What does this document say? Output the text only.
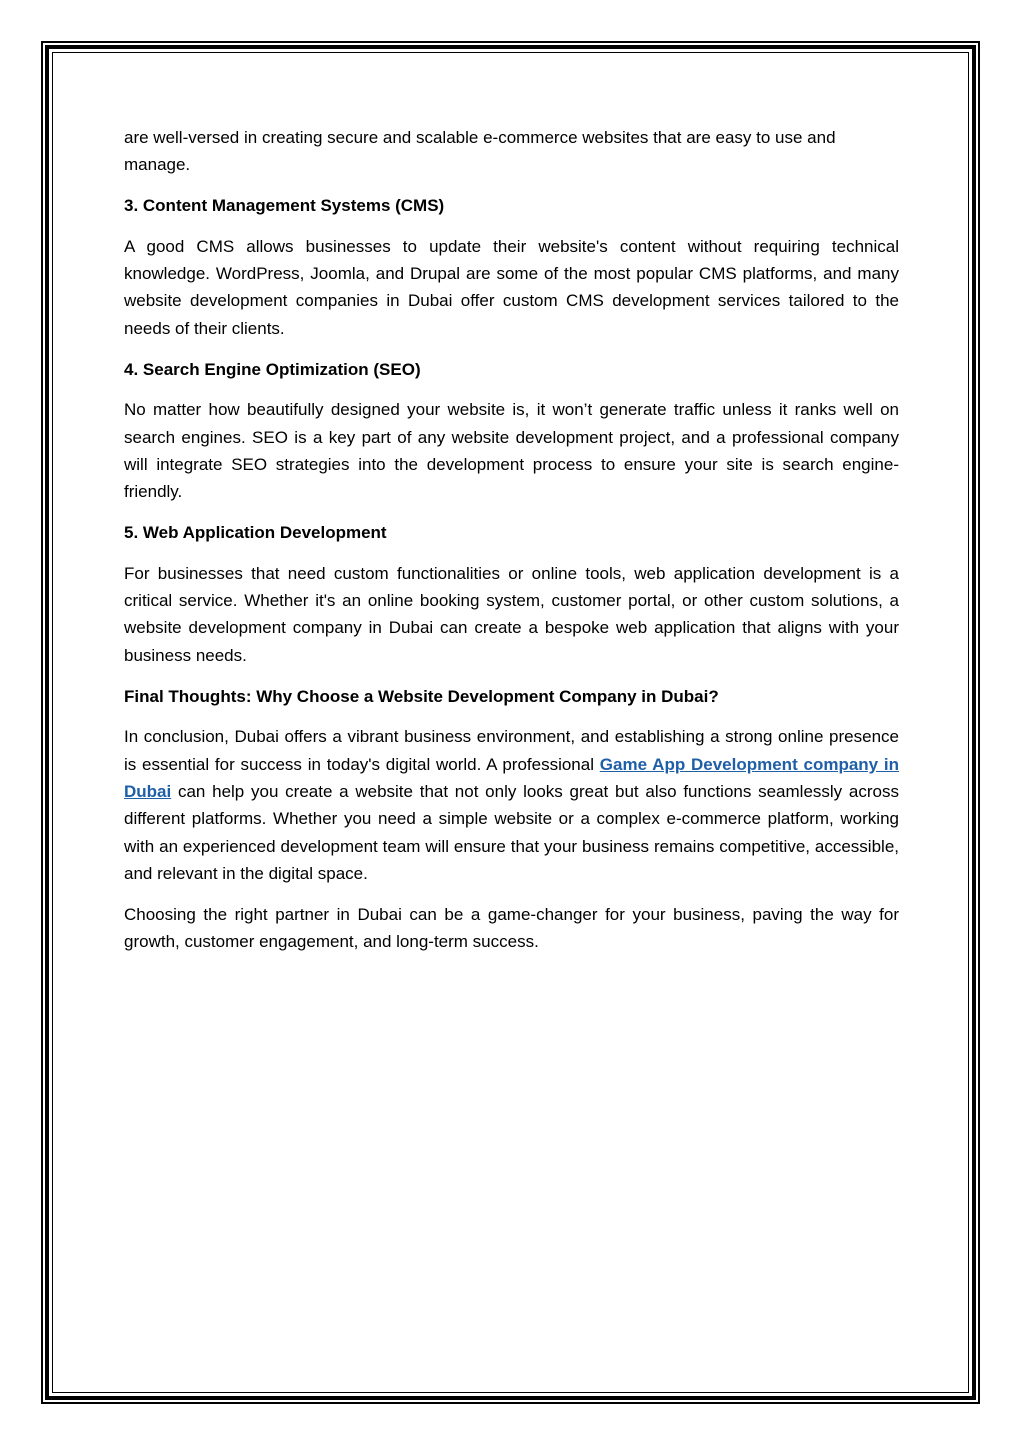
are well-versed in creating secure and scalable e-commerce websites that are easy to use and manage.

3. Content Management Systems (CMS)

A good CMS allows businesses to update their website's content without requiring technical knowledge. WordPress, Joomla, and Drupal are some of the most popular CMS platforms, and many website development companies in Dubai offer custom CMS development services tailored to the needs of their clients.

4. Search Engine Optimization (SEO)

No matter how beautifully designed your website is, it won’t generate traffic unless it ranks well on search engines. SEO is a key part of any website development project, and a professional company will integrate SEO strategies into the development process to ensure your site is search engine-friendly.

5. Web Application Development

For businesses that need custom functionalities or online tools, web application development is a critical service. Whether it's an online booking system, customer portal, or other custom solutions, a website development company in Dubai can create a bespoke web application that aligns with your business needs.

Final Thoughts: Why Choose a Website Development Company in Dubai?

In conclusion, Dubai offers a vibrant business environment, and establishing a strong online presence is essential for success in today's digital world. A professional Game App Development company in Dubai can help you create a website that not only looks great but also functions seamlessly across different platforms. Whether you need a simple website or a complex e-commerce platform, working with an experienced development team will ensure that your business remains competitive, accessible, and relevant in the digital space.

Choosing the right partner in Dubai can be a game-changer for your business, paving the way for growth, customer engagement, and long-term success.
